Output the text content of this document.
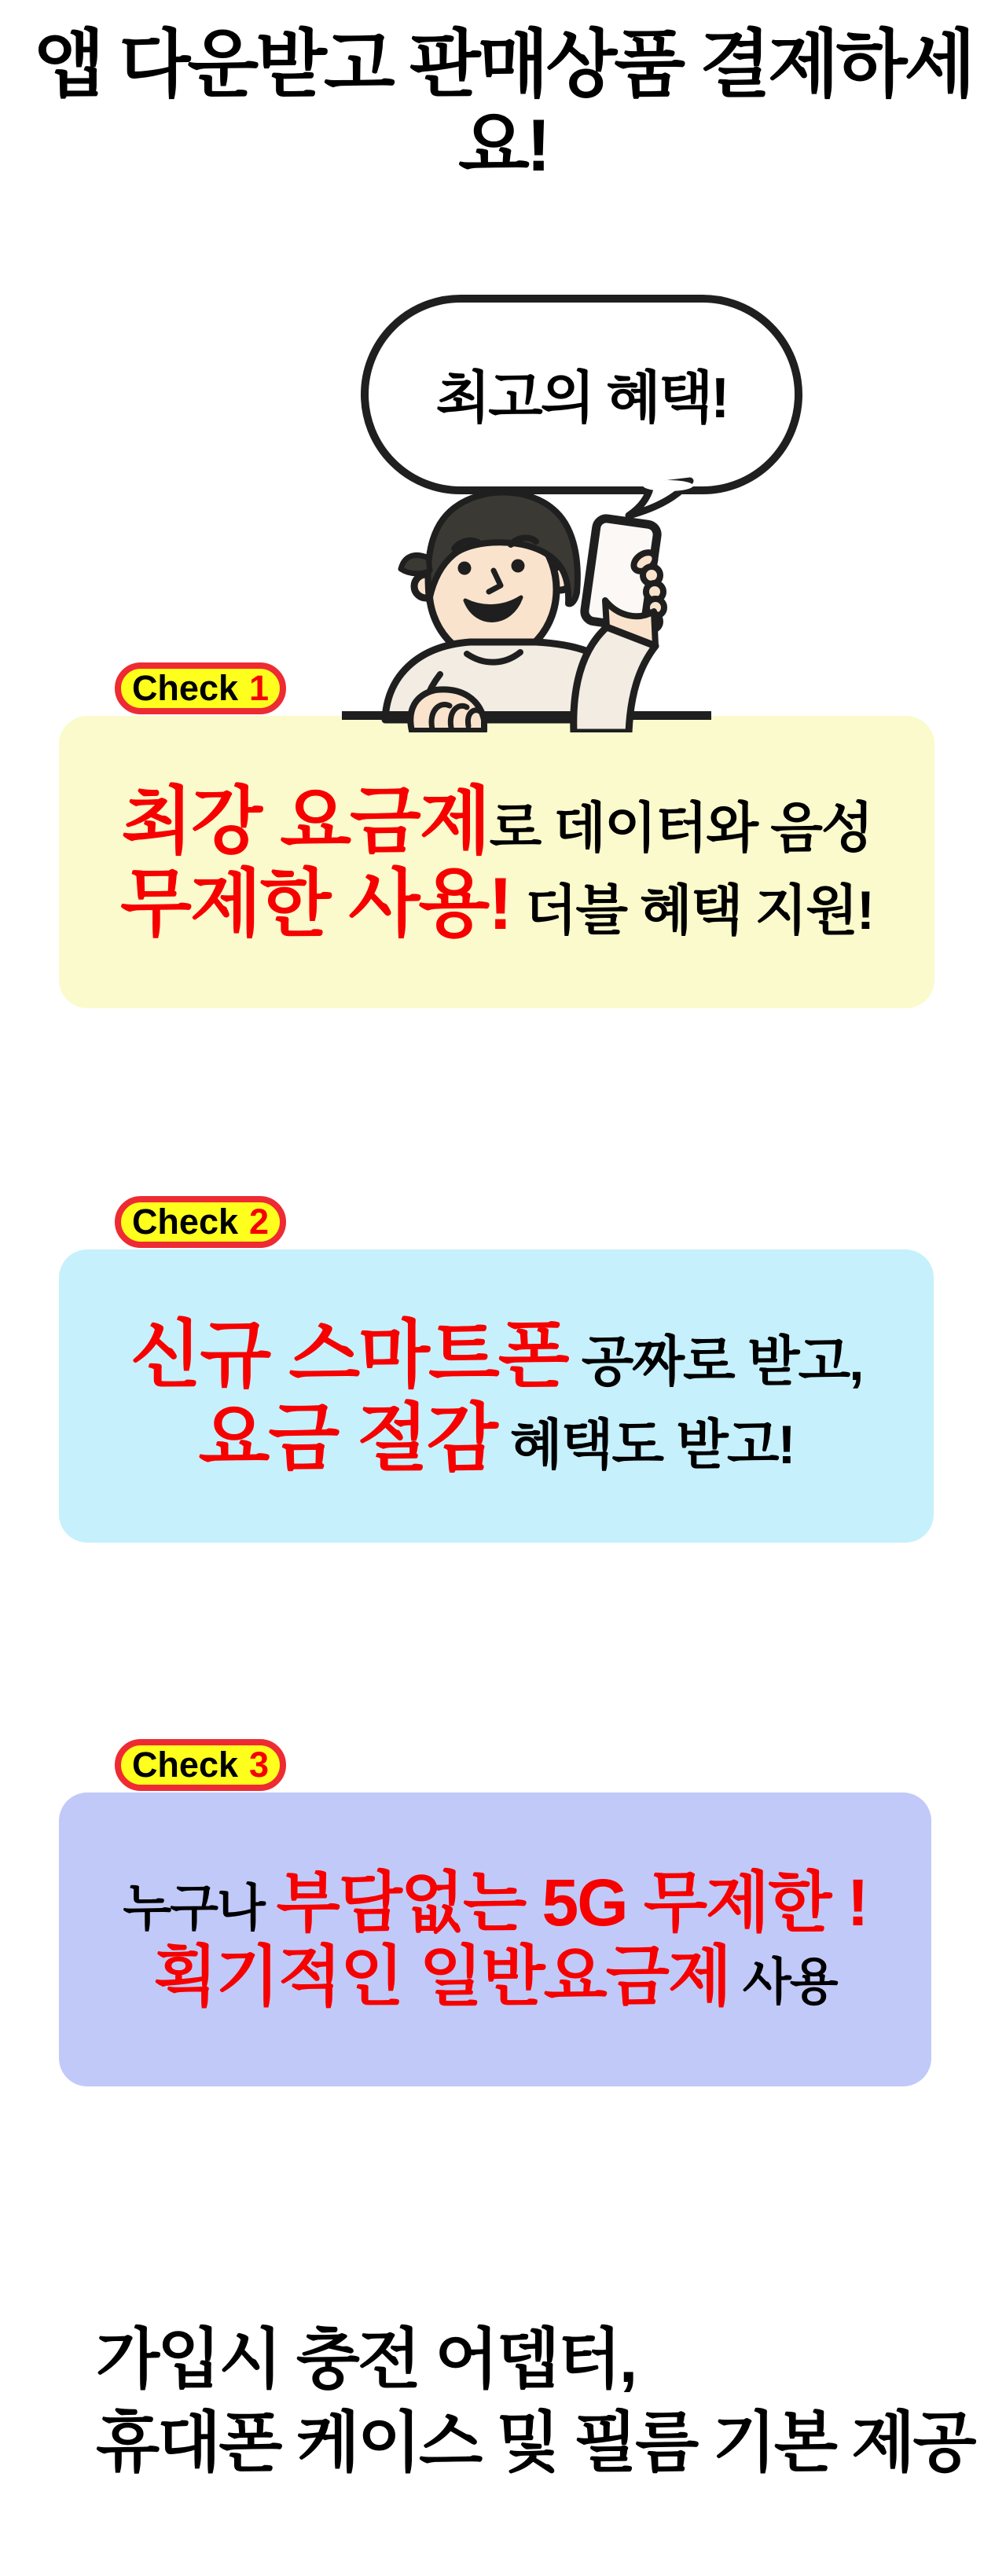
앱 다운받고 판매상품 결제하세요!
최고의 혜택!
Check 1

최강 요금제로 데이터와 음성

무제한 사용! 더블 혜택 지원!

Check 2

신규 스마트폰 공짜로 받고,

요금 절감 혜택도 받고!

Check 3

누구나 부담없는 5G 무제한 !

획기적인 일반요금제 사용

가입시 충전 어뎁터,
휴대폰 케이스 및 필름 기본 제공
